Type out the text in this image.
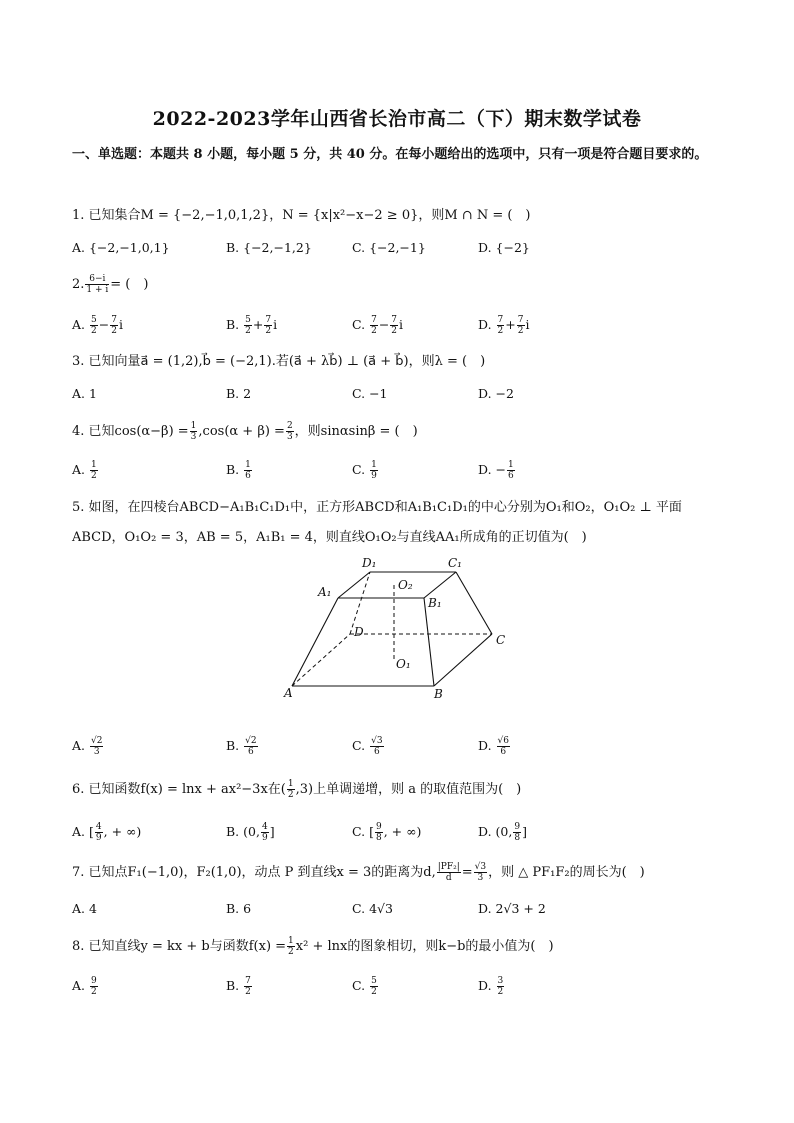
2022-2023学年山西省长治市高二（下）期末数学试卷
一、单选题：本题共 8 小题，每小题 5 分，共 40 分。在每小题给出的选项中，只有一项是符合题目要求的。
1. 已知集合M = {−2,−1,0,1,2}，N = {x|x²−x−2 ≥ 0}，则M ∩ N = (　)
A. {−2,−1,0,1}	B. {−2,−1,2}	C. {−2,−1}	D. {−2}
2. $\frac{6-i}{1 + i}$ = (　)
A. $\frac{5}{2} - \frac{7}{2}$ i	B. $\frac{5}{2} + \frac{7}{2}$ i	C. $\frac{7}{2} - \frac{7}{2}$ i	D. $\frac{7}{2} + \frac{7}{2}$ i
3. 已知向量a⃗ = (1,2),b⃗ = (−2,1).若(a⃗ + λb⃗) ⊥ (a⃗ + b⃗)，则λ = (　)
A. 1	B. 2	C. −1	D. −2
4. 已知$\cos(\alpha-\beta) = \frac{1}{3} ,\cos(\alpha + \beta) = \frac{2}{3}$ ，则sinαsinβ = (　)
A. $\frac{1}{2}$	B. $\frac{1}{6}$	C. $\frac{1}{9}$	D. − $\frac{1}{6}$
5. 如图，在四棱台ABCD−A₁B₁C₁D₁中，正方形ABCD和A₁B₁C₁D₁的中心分别为O₁和O₂，O₁O₂ ⊥ 平面
ABCD，O₁O₂ = 3，AB = 5，A₁B₁ = 4，则直线O₁O₂与直线AA₁所成角的正切值为(　)
D₁	C₁
O₂
A₁
B₁
D
C
O₁
A	B
A. $\frac{√2}{3}$	B. $\frac{√2}{6}$	C. $\frac{√3}{6}$	D. $\frac{√6}{6}$
6. 已知函数f(x) = lnx + ax²−3x在( $\frac{1}{2} ,3$)上单调递增，则 a 的取值范围为(　)
A. [ $\frac{4}{9}$ , + ∞)	B. (0, $\frac{4}{9}$ ]	C. [ $\frac{9}{8}$ , + ∞)	D. (0, $\frac{9}{8}$ ]
7. 已知点F₁(−1,0)，F₂(1,0)，动点 P 到直线x = 3的距离为d, $\frac{\text{|PF₂|}}{d} = \frac{√3}{3}$ ，则 △ PF₁F₂的周长为(　)
A. 4	B. 6	C. 4√3	D. 2√3 + 2
8. 已知直线y = kx + b与函数$f(x) = \frac{1}{2} x^2 + \ln x$的图象相切，则k−b的最小值为(　)
A. $\frac{9}{2}$	B. $\frac{7}{2}$	C. $\frac{5}{2}$	D. $\frac{3}{2}$
